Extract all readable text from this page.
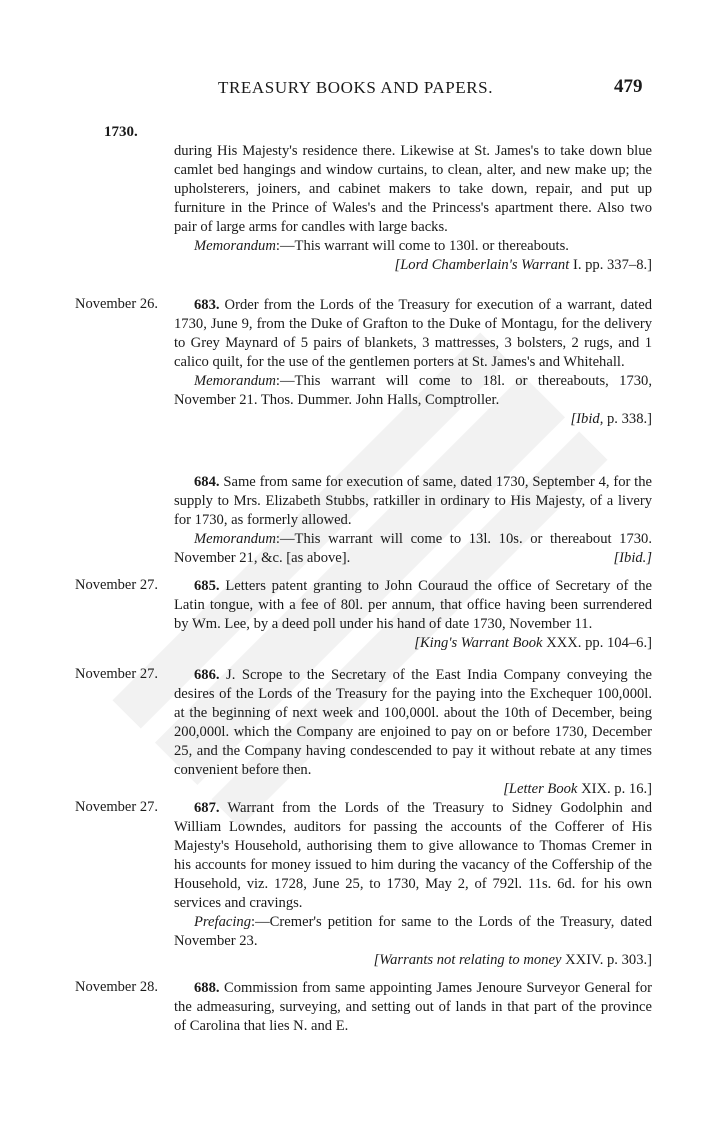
TREASURY BOOKS AND PAPERS.	479
1730.

during His Majesty's residence there. Likewise at St. James's to take down blue camlet bed hangings and window curtains, to clean, alter, and new make up; the upholsterers, joiners, and cabinet makers to take down, repair, and put up furniture in the Prince of Wales's and the Princess's apartment there. Also two pair of large arms for candles with large backs.

Memorandum:—This warrant will come to 130l. or thereabouts.

[Lord Chamberlain's Warrant I. pp. 337–8.]

November 26.	683. Order from the Lords of the Treasury for execution of a warrant, dated 1730, June 9, from the Duke of Grafton to the Duke of Montagu, for the delivery to Grey Maynard of 5 pairs of blankets, 3 mattresses, 3 bolsters, 2 rugs, and 1 calico quilt, for the use of the gentlemen porters at St. James's and Whitehall.

Memorandum:—This warrant will come to 18l. or thereabouts, 1730, November 21. Thos. Dummer. John Halls, Comptroller.

[Ibid, p. 338.]

684. Same from same for execution of same, dated 1730, September 4, for the supply to Mrs. Elizabeth Stubbs, ratkiller in ordinary to His Majesty, of a livery for 1730, as formerly allowed.

Memorandum:—This warrant will come to 13l. 10s. or thereabout 1730. November 21, &c. [as above].	[Ibid.]

November 27.	685. Letters patent granting to John Couraud the office of Secretary of the Latin tongue, with a fee of 80l. per annum, that office having been surrendered by Wm. Lee, by a deed poll under his hand of date 1730, November 11.

[King's Warrant Book XXX. pp. 104–6.]

November 27.	686. J. Scrope to the Secretary of the East India Company conveying the desires of the Lords of the Treasury for the paying into the Exchequer 100,000l. at the beginning of next week and 100,000l. about the 10th of December, being 200,000l. which the Company are enjoined to pay on or before 1730, December 25, and the Company having condescended to pay it without rebate at any times convenient before then.

[Letter Book XIX. p. 16.]

November 27.	687. Warrant from the Lords of the Treasury to Sidney Godolphin and William Lowndes, auditors for passing the accounts of the Cofferer of His Majesty's Household, authorising them to give allowance to Thomas Cremer in his accounts for money issued to him during the vacancy of the Coffership of the Household, viz. 1728, June 25, to 1730, May 2, of 792l. 11s. 6d. for his own services and cravings.

Prefacing:—Cremer's petition for same to the Lords of the Treasury, dated November 23.

[Warrants not relating to money XXIV. p. 303.]

November 28.	688. Commission from same appointing James Jenoure Surveyor General for the admeasuring, surveying, and setting out of lands in that part of the province of Carolina that lies N. and E.
